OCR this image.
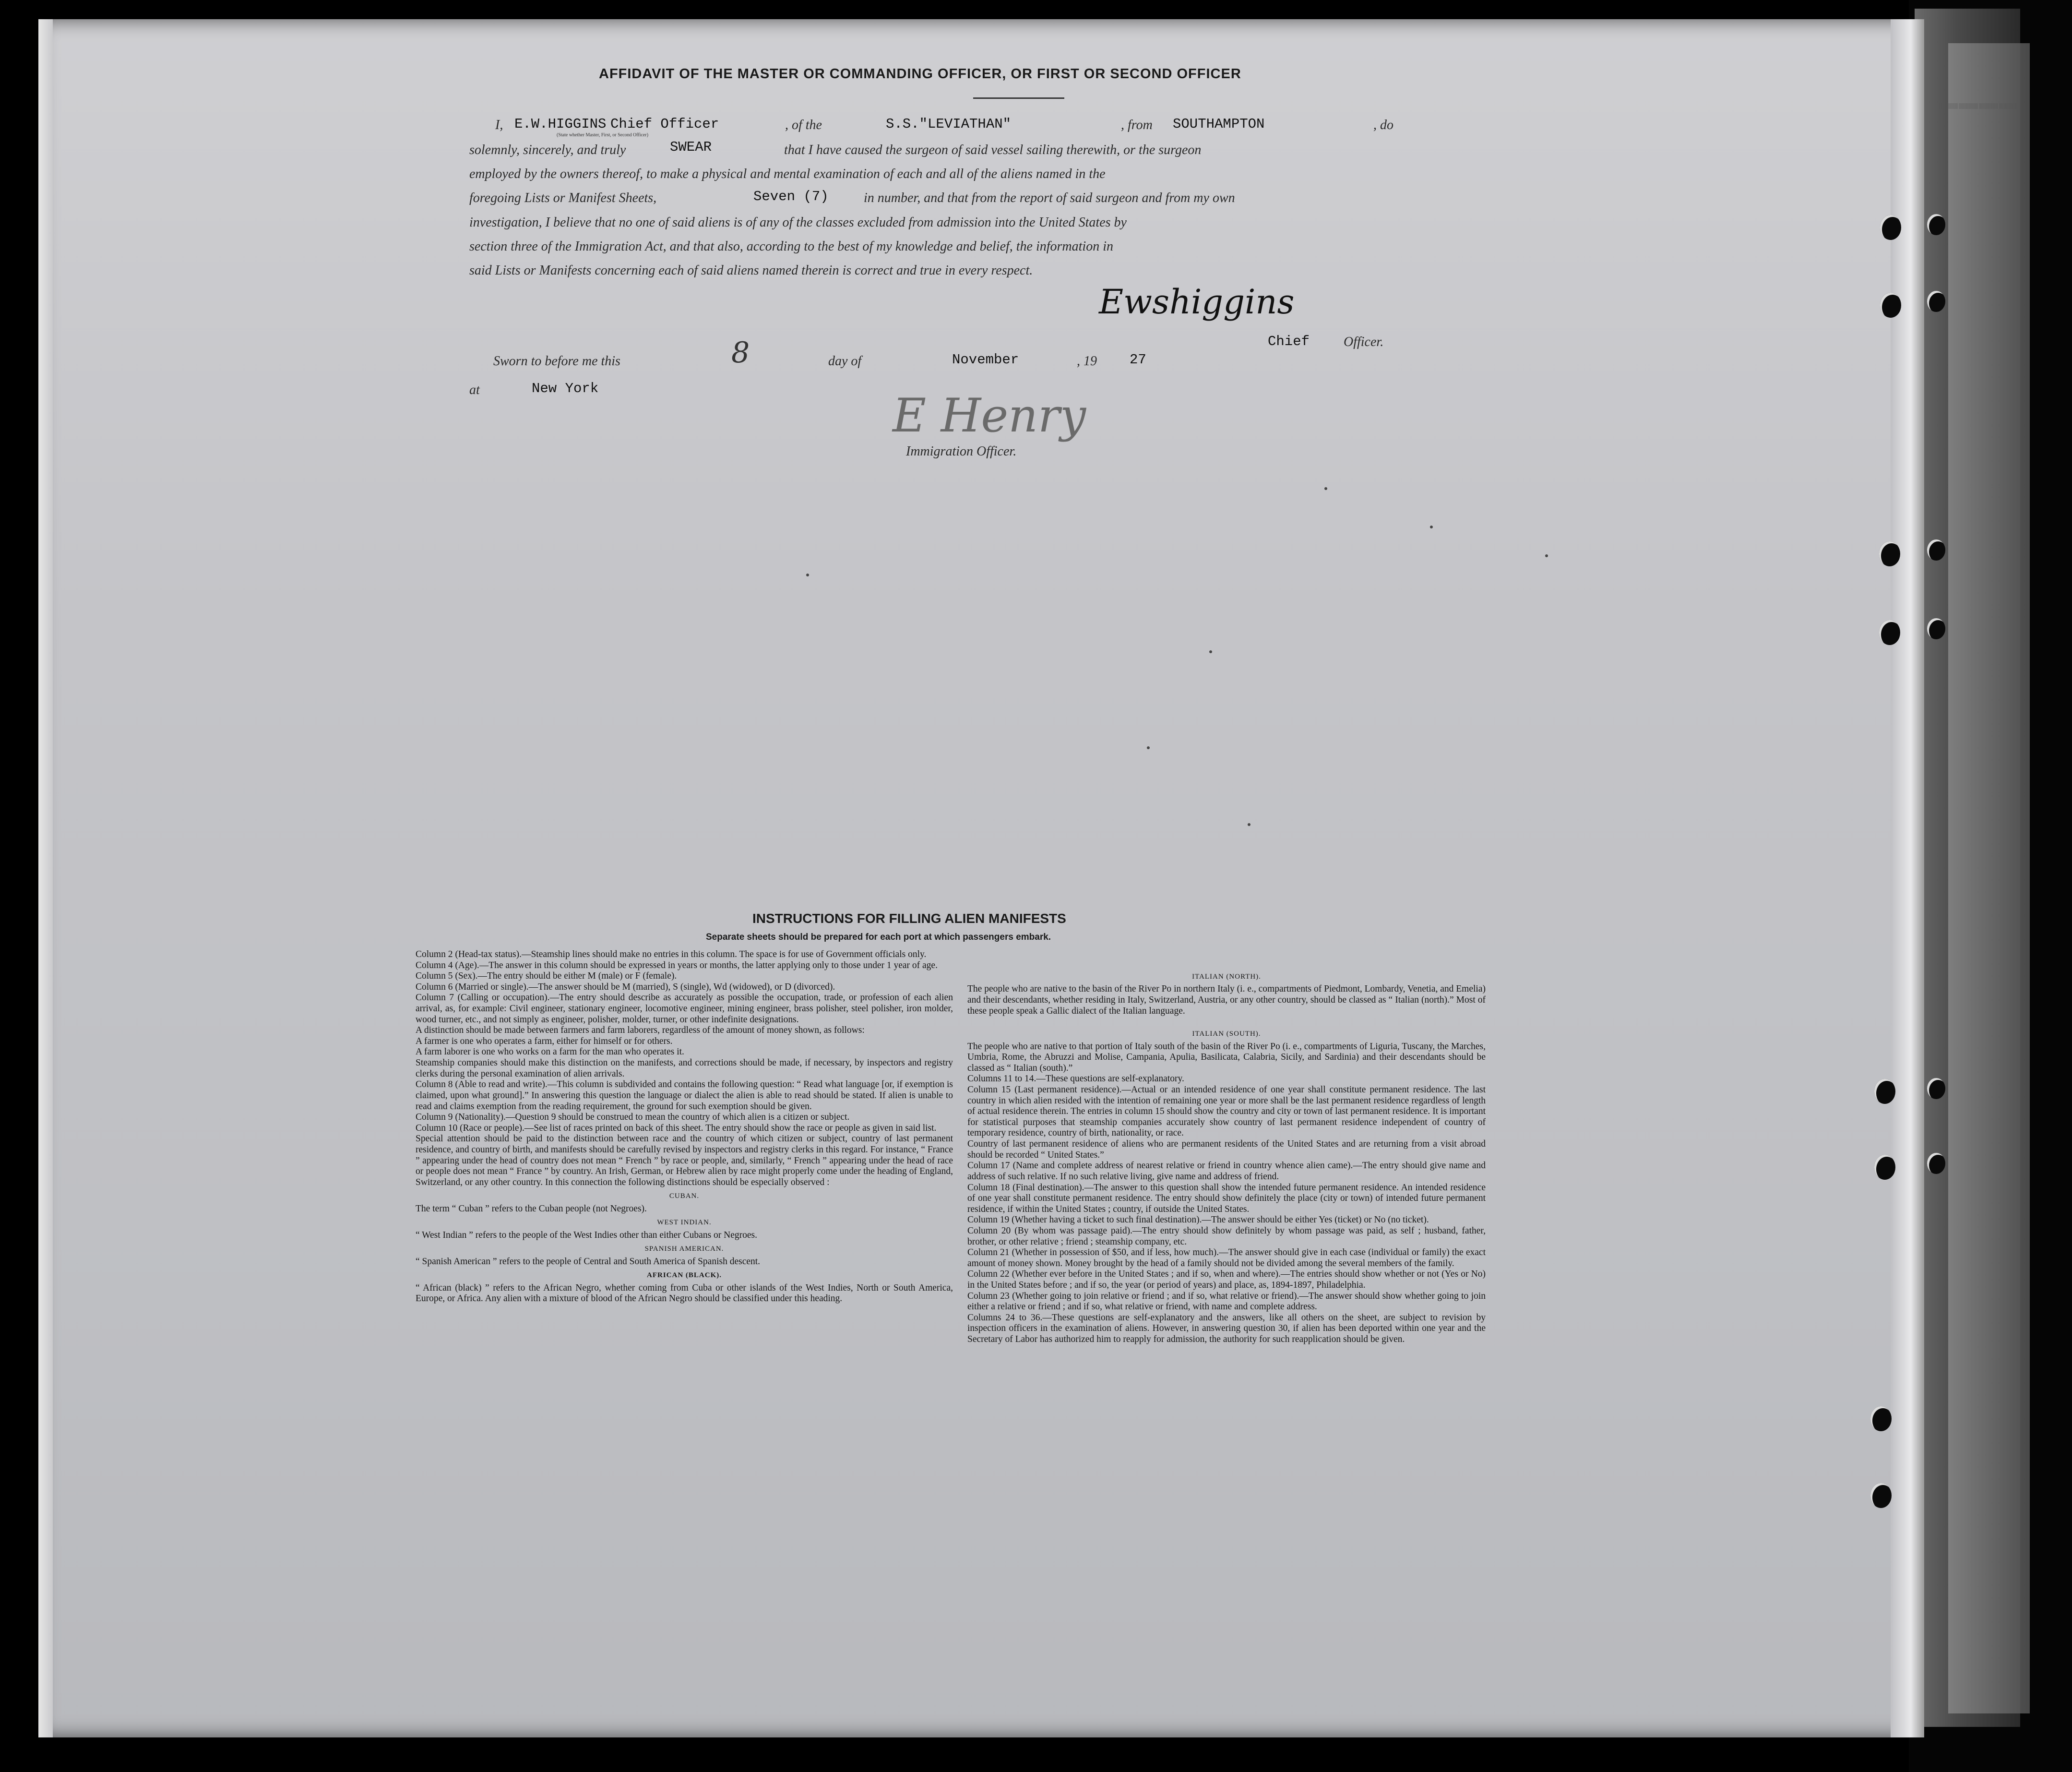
▬▬▬▬
AFFIDAVIT OF THE MASTER OR COMMANDING OFFICER, OR FIRST OR SECOND OFFICER
I, E.W.HIGGINS Chief Officer
(State whether Master, First, or Second Officer)
, of the	S.S."LEVIATHAN"	, from SOUTHAMPTON	, do
solemnly, sincerely, and truly	SWEAR	that I have caused the surgeon of said vessel sailing therewith, or the surgeon
employed by the owners thereof, to make a physical and mental examination of each and all of the aliens named in the
foregoing Lists or Manifest Sheets,	Seven (7)	in number, and that from the report of said surgeon and from my own
investigation, I believe that no one of said aliens is of any of the classes excluded from admission into the United States by
section three of the Immigration Act, and that also, according to the best of my knowledge and belief, the information in
said Lists or Manifests concerning each of said aliens named therein is correct and true in every respect.
Ewshiggins
Chief	Officer.
Sworn to before me this	8	day of	November	, 19 27
at	New York
E Henry
Immigration Officer.
INSTRUCTIONS FOR FILLING ALIEN MANIFESTS
Separate sheets should be prepared for each port at which passengers embark.

Column 2 (Head-tax status).—Steamship lines should make no entries in this column. The space is for use of Government officials only.

Column 4 (Age).—The answer in this column should be expressed in years or months, the latter applying only to those under 1 year of age.

Column 5 (Sex).—The entry should be either M (male) or F (female).

Column 6 (Married or single).—The answer should be M (married), S (single), Wd (widowed), or D (divorced).

Column 7 (Calling or occupation).—The entry should describe as accurately as possible the occupation, trade, or profession of each alien arrival, as, for example: Civil engineer, stationary engineer, locomotive engineer, mining engineer, brass polisher, steel polisher, iron molder, wood turner, etc., and not simply as engineer, polisher, molder, turner, or other indefinite designations.

A distinction should be made between farmers and farm laborers, regardless of the amount of money shown, as follows:

A farmer is one who operates a farm, either for himself or for others.

A farm laborer is one who works on a farm for the man who operates it.

Steamship companies should make this distinction on the manifests, and corrections should be made, if necessary, by inspectors and registry clerks during the personal examination of alien arrivals.

Column 8 (Able to read and write).—This column is subdivided and contains the following question: “ Read what language [or, if exemption is claimed, upon what ground].” In answering this question the language or dialect the alien is able to read should be stated. If alien is unable to read and claims exemption from the reading requirement, the ground for such exemption should be given.

Column 9 (Nationality).—Question 9 should be construed to mean the country of which alien is a citizen or subject.

Column 10 (Race or people).—See list of races printed on back of this sheet. The entry should show the race or people as given in said list.

Special attention should be paid to the distinction between race and the country of which citizen or subject, country of last permanent residence, and country of birth, and manifests should be carefully revised by inspectors and registry clerks in this regard. For instance, “ France ” appearing under the head of country does not mean “ French ” by race or people, and, similarly, “ French ” appearing under the head of race or people does not mean “ France ” by country. An Irish, German, or Hebrew alien by race might properly come under the heading of England, Switzerland, or any other country. In this connection the following distinctions should be especially observed :

CUBAN.

The term “ Cuban ” refers to the Cuban people (not Negroes).

WEST INDIAN.

“ West Indian ” refers to the people of the West Indies other than either Cubans or Negroes.

SPANISH AMERICAN.

“ Spanish American ” refers to the people of Central and South America of Spanish descent.

AFRICAN (BLACK).

“ African (black) ” refers to the African Negro, whether coming from Cuba or other islands of the West Indies, North or South America, Europe, or Africa. Any alien with a mixture of blood of the African Negro should be classified under this heading.

ITALIAN (NORTH).

The people who are native to the basin of the River Po in northern Italy (i. e., compartments of Piedmont, Lombardy, Venetia, and Emelia) and their descendants, whether residing in Italy, Switzerland, Austria, or any other country, should be classed as “ Italian (north).” Most of these people speak a Gallic dialect of the Italian language.

ITALIAN (SOUTH).

The people who are native to that portion of Italy south of the basin of the River Po (i. e., compartments of Liguria, Tuscany, the Marches, Umbria, Rome, the Abruzzi and Molise, Campania, Apulia, Basilicata, Calabria, Sicily, and Sardinia) and their descendants should be classed as “ Italian (south).”

Columns 11 to 14.—These questions are self-explanatory.

Column 15 (Last permanent residence).—Actual or an intended residence of one year shall constitute permanent residence. The last country in which alien resided with the intention of remaining one year or more shall be the last permanent residence regardless of length of actual residence therein. The entries in column 15 should show the country and city or town of last permanent residence. It is important for statistical purposes that steamship companies accurately show country of last permanent residence independent of country of temporary residence, country of birth, nationality, or race.

Country of last permanent residence of aliens who are permanent residents of the United States and are returning from a visit abroad should be recorded “ United States.”

Column 17 (Name and complete address of nearest relative or friend in country whence alien came).—The entry should give name and address of such relative. If no such relative living, give name and address of friend.

Column 18 (Final destination).—The answer to this question shall show the intended future permanent residence. An intended residence of one year shall constitute permanent residence. The entry should show definitely the place (city or town) of intended future permanent residence, if within the United States ; country, if outside the United States.

Column 19 (Whether having a ticket to such final destination).—The answer should be either Yes (ticket) or No (no ticket).

Column 20 (By whom was passage paid).—The entry should show definitely by whom passage was paid, as self ; husband, father, brother, or other relative ; friend ; steamship company, etc.

Column 21 (Whether in possession of $50, and if less, how much).—The answer should give in each case (individual or family) the exact amount of money shown. Money brought by the head of a family should not be divided among the several members of the family.

Column 22 (Whether ever before in the United States ; and if so, when and where).—The entries should show whether or not (Yes or No) in the United States before ; and if so, the year (or period of years) and place, as, 1894-1897, Philadelphia.

Column 23 (Whether going to join relative or friend ; and if so, what relative or friend).—The answer should show whether going to join either a relative or friend ; and if so, what relative or friend, with name and complete address.

Columns 24 to 36.—These questions are self-explanatory and the answers, like all others on the sheet, are subject to revision by inspection officers in the examination of aliens. However, in answering question 30, if alien has been deported within one year and the Secretary of Labor has authorized him to reapply for admission, the authority for such reapplication should be given.
